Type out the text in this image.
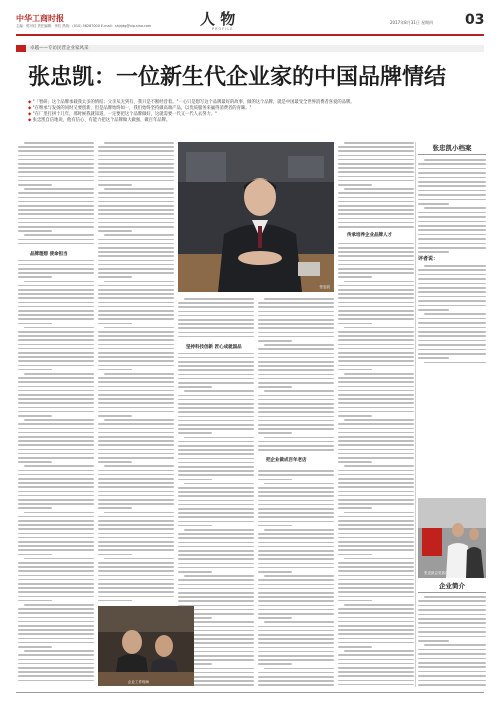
中华工商时报
主编：郭可佳 责任编辑：李拉 热线：(010) 58287000 E-mail：shjrjdg@vip.sina.com	人 物
PROFILE
2017年8月31日 星期四 03
卓越——专访民营企业家风采
张忠凯：一位新生代企业家的中国品牌情结
◆ "「智研」这个品牌承载我太多的情结；父亲从无到有、我只是不断经营着。"一心只是想写这个品牌最好的故事，做的这个品牌，就是中国最受全世界消费者喜爱的品牌。
◆ "在继承与发扬的同时又要创新，但是品牌始终如一，我们始终坚持做高端产品，以优质服务来赢得消费者的青睐。"
◆ "在厂里打拼十几年，那时候我就知道，一定要把这个品牌做好，这就需要一代又一代人去努力。"
◆ 张忠凯自信地说，他有信心、有能力把这个品牌做大做强，做百年品牌。
品牌理想 使命担当
坚持科技创新 匠心成就国品
传承培养企业品牌人才
把企业做成百年老店
张忠凯
企业工作现场
张忠凯会见客户
张忠凯小档案
评者说：
企业简介
